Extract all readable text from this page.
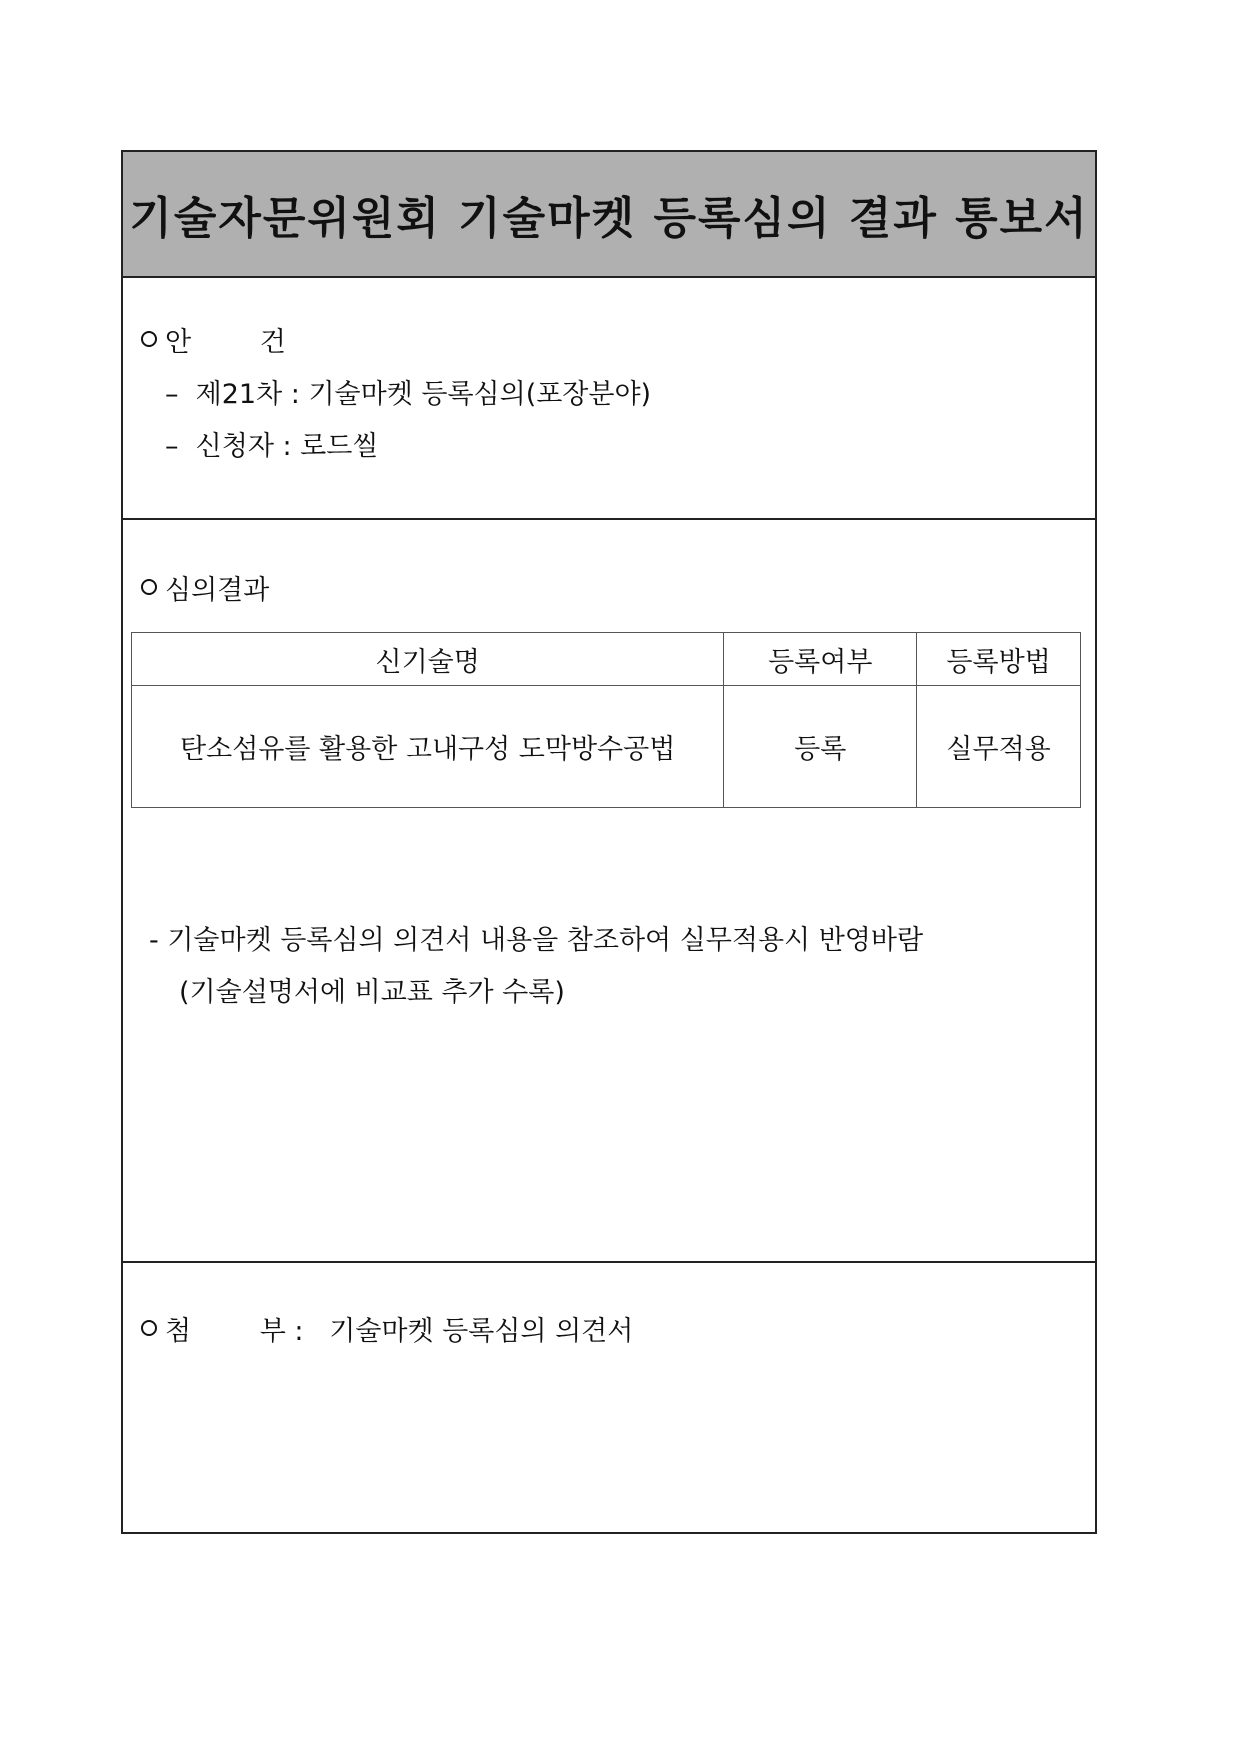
기술자문위원회 기술마켓 등록심의 결과 통보서
안        건
– 제21차 : 기술마켓 등록심의(포장분야)
– 신청자 : 로드씰
심의결과
신기술명	등록여부	등록방법
탄소섬유를 활용한 고내구성 도막방수공법	등록	실무적용
- 기술마켓 등록심의 의견서 내용을 참조하여 실무적용시 반영바람
(기술설명서에 비교표 추가 수록)
첨        부 : 기술마켓 등록심의 의견서
